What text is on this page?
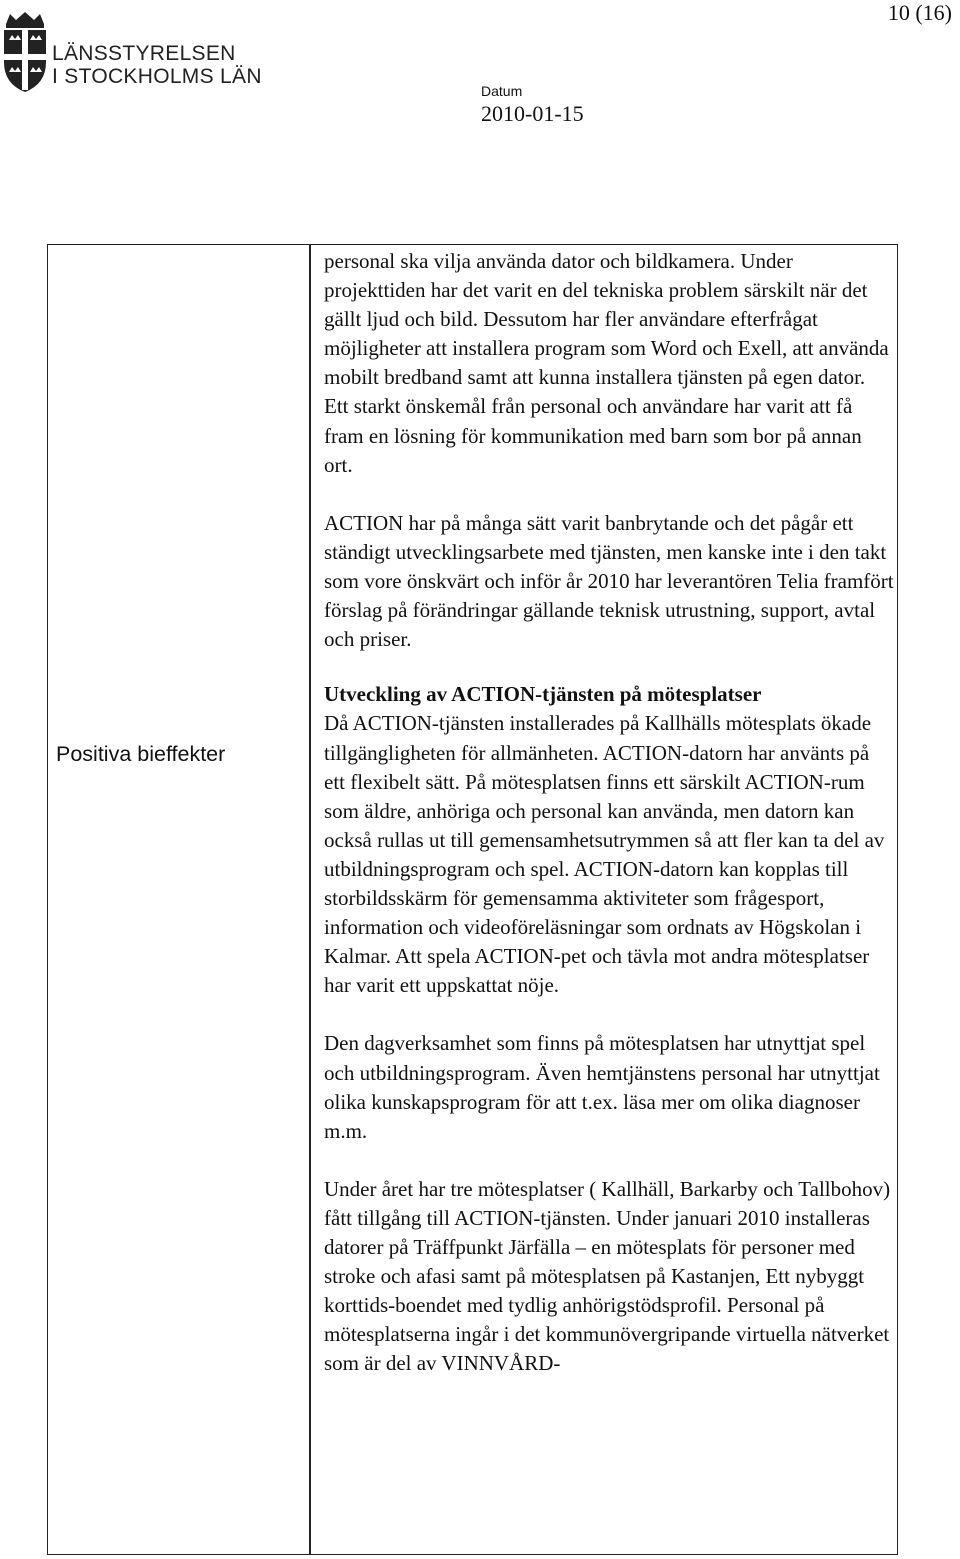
10 (16)
LÄNSSTYRELSEN
I STOCKHOLMS LÄN
Datum
2010-01-15
Positiva bieffekter

personal ska vilja använda dator och bildkamera. Under projekttiden har det varit en del tekniska problem särskilt när det gällt ljud och bild. Dessutom har fler användare efterfrågat möjligheter att installera program som Word och Exell, att använda mobilt bredband samt att kunna installera tjänsten på egen dator. Ett starkt önskemål från personal och användare har varit att få fram en lösning för kommunikation med barn som bor på annan ort.

ACTION har på många sätt varit banbrytande och det pågår ett ständigt utvecklingsarbete med tjänsten, men kanske inte i den takt som vore önskvärt och inför år 2010 har leverantören Telia framfört förslag på förändringar gällande teknisk utrustning, support, avtal och priser.

Utveckling av ACTION-tjänsten på mötesplatser

Då ACTION-tjänsten installerades på Kallhälls mötesplats ökade tillgängligheten för allmänheten. ACTION-datorn har använts på ett flexibelt sätt. På mötesplatsen finns ett särskilt ACTION-rum som äldre, anhöriga och personal kan använda, men datorn kan också rullas ut till gemensamhetsutrymmen så att fler kan ta del av utbildningsprogram och spel. ACTION-datorn kan kopplas till storbildsskärm för gemensamma aktiviteter som frågesport, information och videoföreläsningar som ordnats av Högskolan i Kalmar. Att spela ACTION-pet och tävla mot andra mötesplatser har varit ett uppskattat nöje.

Den dagverksamhet som finns på mötesplatsen har utnyttjat spel och utbildningsprogram. Även hemtjänstens personal har utnyttjat olika kunskapsprogram för att t.ex. läsa mer om olika diagnoser m.m.

Under året har tre mötesplatser ( Kallhäll, Barkarby och Tallbohov) fått tillgång till ACTION-tjänsten. Under januari 2010 installeras datorer på Träffpunkt Järfälla – en mötesplats för personer med stroke och afasi samt på mötesplatsen på Kastanjen, Ett nybyggt korttids-boendet med tydlig anhörigstödsprofil. Personal på mötesplatserna ingår i det kommunövergripande virtuella nätverket som är del av VINNVÅRD-
